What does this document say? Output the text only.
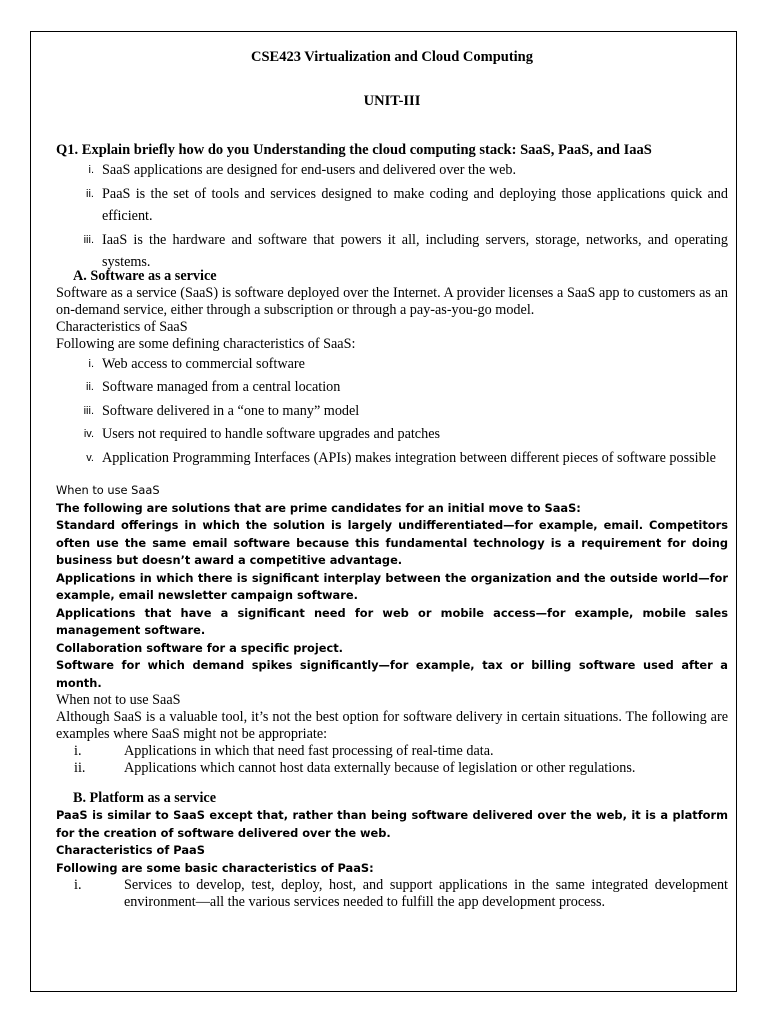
CSE423 Virtualization and Cloud Computing

UNIT-III

Q1. Explain briefly how do you Understanding the cloud computing stack: SaaS, PaaS, and IaaS

i. SaaS applications are designed for end-users and delivered over the web.
ii. PaaS is the set of tools and services designed to make coding and deploying those applications quick and efficient.
iii. IaaS is the hardware and software that powers it all, including servers, storage, networks, and operating systems.

A. Software as a service

Software as a service (SaaS) is software deployed over the Internet. A provider licenses a SaaS app to customers as an on-demand service, either through a subscription or through a pay-as-you-go model.

Characteristics of SaaS

Following are some defining characteristics of SaaS:

i. Web access to commercial software
ii. Software managed from a central location
iii. Software delivered in a “one to many” model
iv. Users not required to handle software upgrades and patches
v. Application Programming Interfaces (APIs) makes integration between different pieces of software possible

When to use SaaS

The following are solutions that are prime candidates for an initial move to SaaS:

Standard offerings in which the solution is largely undifferentiated—for example, email. Competitors often use the same email software because this fundamental technology is a requirement for doing business but doesn’t award a competitive advantage.

Applications in which there is significant interplay between the organization and the outside world—for example, email newsletter campaign software.

Applications that have a significant need for web or mobile access—for example, mobile sales management software.

Collaboration software for a specific project.

Software for which demand spikes significantly—for example, tax or billing software used after a month.

When not to use SaaS

Although SaaS is a valuable tool, it’s not the best option for software delivery in certain situations. The following are examples where SaaS might not be appropriate:

i.	Applications in which that need fast processing of real-time data.
ii.	Applications which cannot host data externally because of legislation or other regulations.

B. Platform as a service

PaaS is similar to SaaS except that, rather than being software delivered over the web, it is a platform for the creation of software delivered over the web.

Characteristics of PaaS

Following are some basic characteristics of PaaS:

i.	Services to develop, test, deploy, host, and support applications in the same integrated development environment—all the various services needed to fulfill the app development process.
